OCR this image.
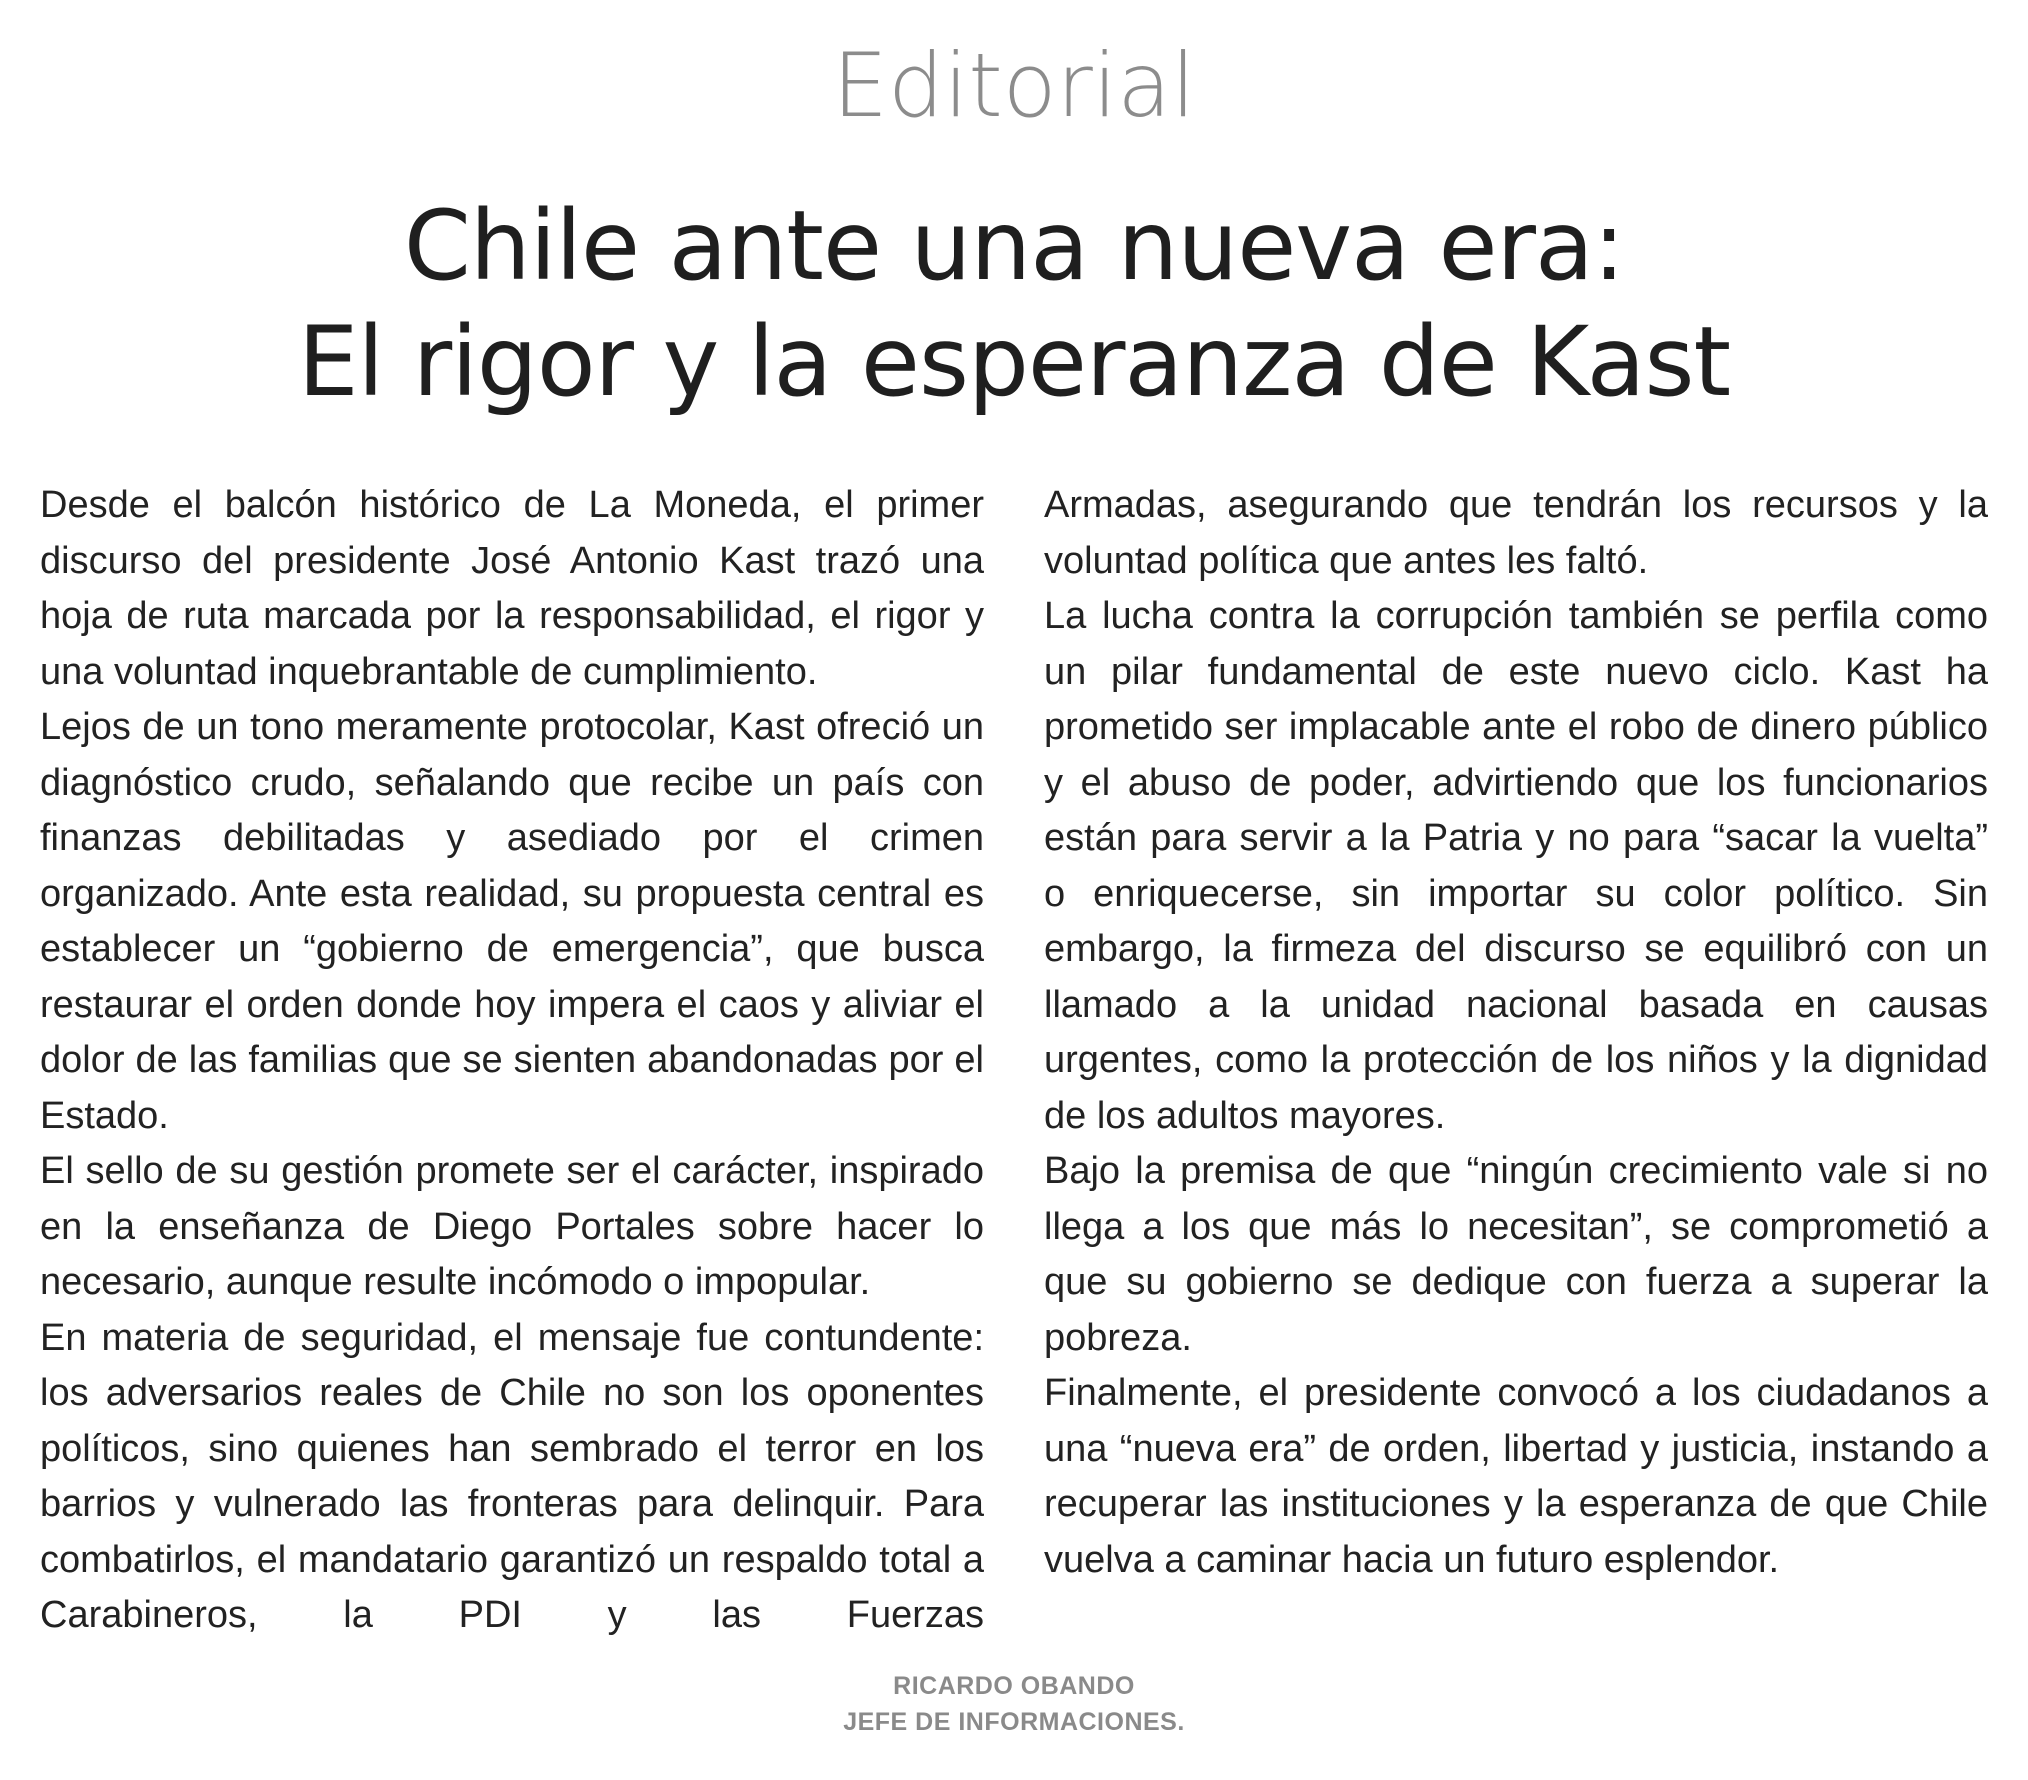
Editorial
Chile ante una nueva era:
El rigor y la esperanza de Kast

Desde el balcón histórico de La Moneda, el primer discurso del presidente José Antonio Kast trazó una hoja de ruta marcada por la responsabilidad, el rigor y una voluntad inquebrantable de cumplimiento.

Lejos de un tono meramente protocolar, Kast ofreció un diagnóstico crudo, señalando que recibe un país con finanzas debilitadas y asediado por el crimen organizado. Ante esta realidad, su propuesta central es establecer un “gobierno de emergencia”, que busca restaurar el orden donde hoy impera el caos y aliviar el dolor de las familias que se sienten abandonadas por el Estado.

El sello de su gestión promete ser el carácter, inspirado en la enseñanza de Diego Portales sobre hacer lo necesario, aunque resulte incómodo o impopular.

En materia de seguridad, el mensaje fue contundente: los adversarios reales de Chile no son los oponentes políticos, sino quienes han sembrado el terror en los barrios y vulnerado las fronteras para delinquir. Para combatirlos, el mandatario garantizó un respaldo total a Carabineros, la PDI y las Fuerzas

Armadas, asegurando que tendrán los recursos y la voluntad política que antes les faltó.

La lucha contra la corrupción también se perfila como un pilar fundamental de este nuevo ciclo. Kast ha prometido ser implacable ante el robo de dinero público y el abuso de poder, advirtiendo que los funcionarios están para servir a la Patria y no para “sacar la vuelta” o enriquecerse, sin importar su color político. Sin embargo, la firmeza del discurso se equilibró con un llamado a la unidad nacional basada en causas urgentes, como la protección de los niños y la dignidad de los adultos mayores.

Bajo la premisa de que “ningún crecimiento vale si no llega a los que más lo necesitan”, se comprometió a que su gobierno se dedique con fuerza a superar la pobreza.

Finalmente, el presidente convocó a los ciudadanos a una “nueva era” de orden, libertad y justicia, instando a recuperar las instituciones y la esperanza de que Chile vuelva a caminar hacia un futuro esplendor.

RICARDO OBANDO
JEFE DE INFORMACIONES.
